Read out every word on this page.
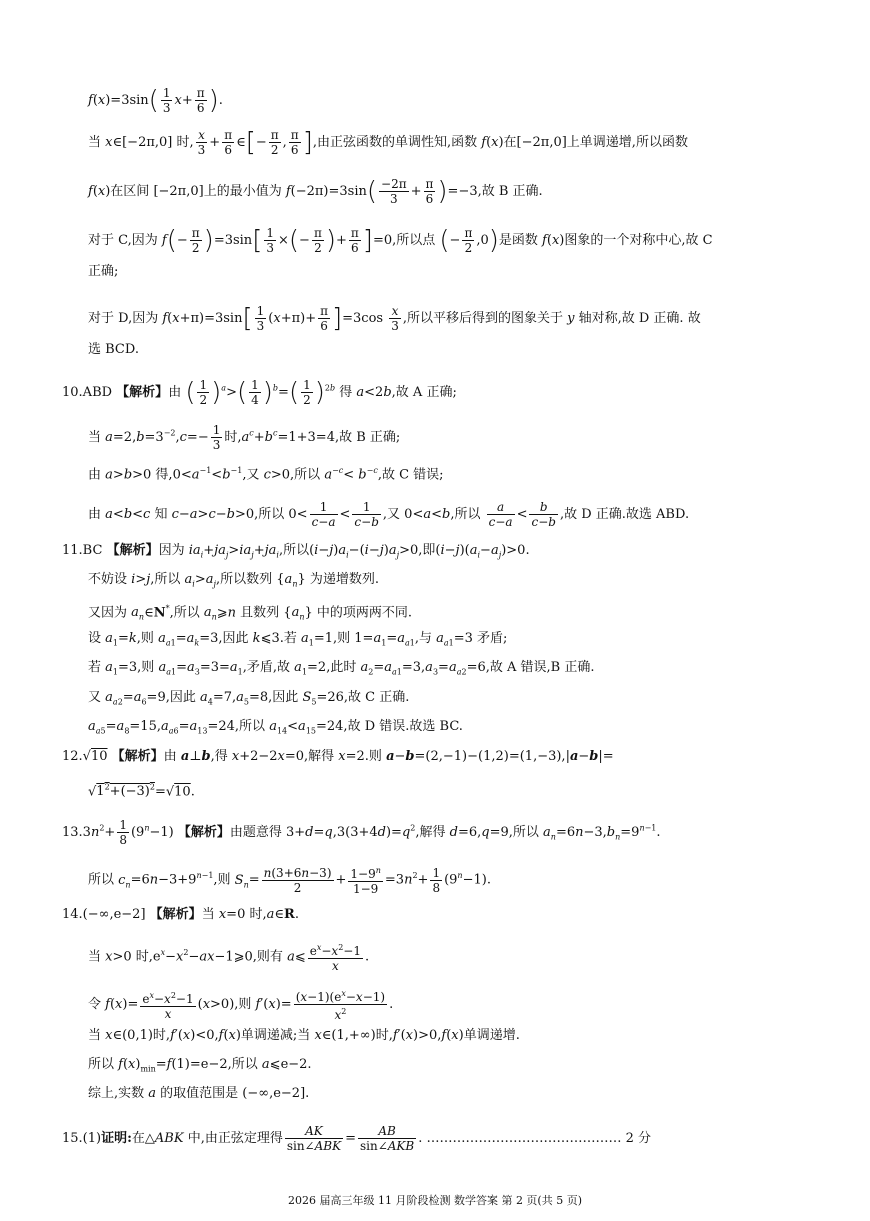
$f(x)=3\sin( \frac{1}{3} x+ \frac{\pi}{6}$ ).
当 x∈[−2π,0] 时, $\frac{x}{3} + \frac{\pi}{6}$ ∈[− $\frac{\pi}{2}$ , $\frac{\pi}{6}$ ],由正弦函数的单调性知,函数 f(x)在[−2π,0]上单调递增,所以函数
f(x)在区间 [−2π,0]上的最小值为 $f(-2\pi)=3\sin( \frac{-2\pi}{3} + \frac{\pi}{6} )=-3$,故 B 正确.
对于 C,因为 $f(- \frac{\pi}{2} )=3\sin[ \frac{1}{3}$ ×(− $\frac{\pi}{2}$ )+ $\frac{\pi}{6} ]=0$,所以点 (− $\frac{\pi}{2} ,0$)是函数 f(x)图象的一个对称中心,故 C
正确;
对于 D,因为 $f(x+\pi)=3\sin[ \frac{1}{3} (x+\pi)+ \frac{\pi}{6} ]=3\cos \frac{x}{3}$ ,所以平移后得到的图象关于 y 轴对称,故 D 正确. 故
选 BCD.
10.ABD 【解析】由 ( $\frac{1}{2} )^a>( \frac{1}{4} )^b=( \frac{1}{2} )^{2b}$ 得 a<2b,故 A 正确;
当 $a=2,b=3^{-2},c=- \frac{1}{3}$ 时$,a^c+b^c=1+3=4$,故 B 正确;
由 a>b>0 得$,0<a^{-1}<b^{-1}$,又 c>0,所以 $a^{-c}< b^{-c}$,故 C 错误;
由 a<b<c 知 c−a>c−b>0,所以 $0< \frac{1}{c-a} < \frac{1}{c-b}$ ,又 0<a<b,所以 $\frac{a}{c-a} < \frac{b}{c-b}$ ,故 D 正确.故选 ABD.
11.BC 【解析】因为 $ia_i+ja_j>ia_j+ja_i$,所以$(i-j)a_i-(i-j)a_j>0$,即$(i-j)(a_i-a_j)>0$.
不妨设 i>j,所以 $a_i>a_j$,所以数列 $\{a_n\}$ 为递增数列.
又因为 $a_n\in N^*$,所以 $a_n⩾n$ 且数列 $\{a_n\}$ 中的项两两不同.
设 $a_1=k$,则 $a_{a1}=a_k=3$,因此 k⩽3.若 $a_1=1$,则 $1=a_1=a_{a1}$,与 $a_{a1}=3$ 矛盾;
若 $a_1=3$,则 $a_{a1}=a_3=3=a_1$,矛盾,故 $a_1=2$,此时 $a_2=a_{a1}=3,a_3=a_{a2}=6$,故 A 错误,B 正确.
又 $a_{a2}=a_6=9$,因此 $a_4=7,a_5=8$,因此 $S_5=26$,故 C 正确.
$a_{a5}=a_8=15,a_{a6}=a_{13}=24$,所以 $a_{14}<a_{15}=24$,故 D 错误.故选 BC.
12.√10 【解析】由 a⊥b,得 x+2−2x=0,解得 x=2.则 a−b=(2,−1)−(1,2)=(1,−3),|a−b|=
$√1^2+(-3)^2=√10$.
$13.3n^2+ \frac{1}{8} (9^n-1)$ 【解析】由题意得 $3+d=q,3(3+4d)=q^2$,解得 d=6,q=9,所以 $a_n=6n-3,b_n=9^{n-1}$.
所以 $c_n=6n-3+9^{n-1}$,则 $S_n= \frac{n(3+6n-3)}{2} + \frac{1-9^n}{1-9} =3n^2+ \frac{1}{8} (9^n-1)$.
14.(−∞,e−2] 【解析】当 x=0 时,a∈R.
当 x>0 时$,e^x-x^2-ax-1⩾0$,则有 a⩽ $\frac{e^x-x^2-1}{x}$ .
令 $f(x)= \frac{e^x-x^2-1}{x} (x>0)$,则 $f'(x)= \frac{(x-1)(e^x-x-1)}{x^2}$ .
当 x∈(0,1)时,f′(x)<0,f(x)单调递减;当 x∈(1,+∞)时,f′(x)>0,f(x)单调递增.
所以 $f(x)_{min}=f(1)=e-2$,所以 a⩽e−2.
综上,实数 a 的取值范围是 (−∞,e−2].
15.(1)证明:在△ABK 中,由正弦定理得 $\frac{AK}{\text{sin∠ABK}} = \frac{AB}{\text{sin∠AKB}}$ . ……………………………………… 2 分
2026 届高三年级 11 月阶段检测 数学答案 第 2 页(共 5 页)
